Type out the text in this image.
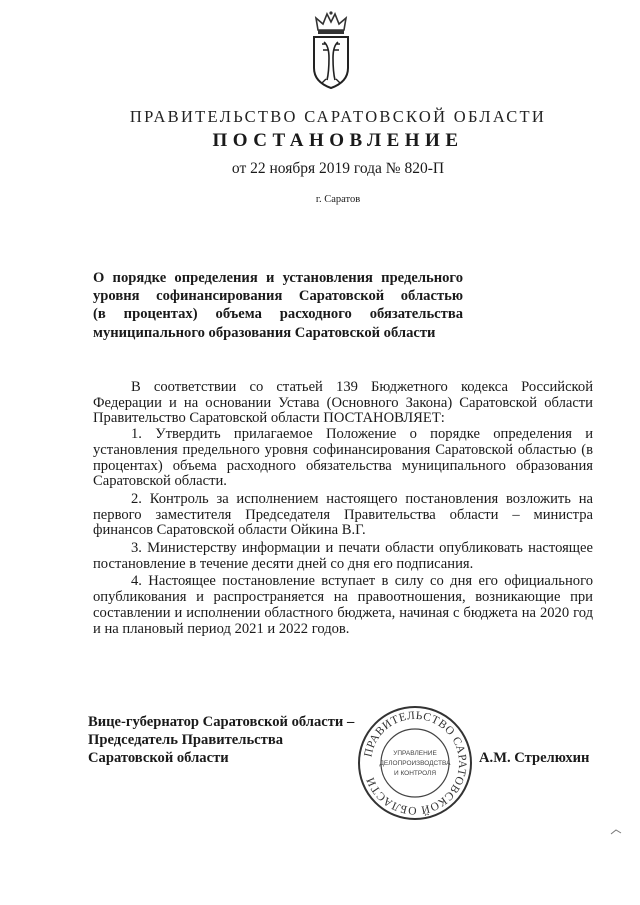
ПРАВИТЕЛЬСТВО САРАТОВСКОЙ ОБЛАСТИ
ПОСТАНОВЛЕНИЕ
от 22 ноября 2019 года № 820-П
г. Саратов
О порядке определения и установления предельного
уровня софинансирования Саратовской областью
(в процентах) объема расходного обязательства
муниципального образования Саратовской области

В соответствии со статьей 139 Бюджетного кодекса Российской Федерации и на основании Устава (Основного Закона) Саратовской области Правительство Саратовской области ПОСТАНОВЛЯЕТ:

1. Утвердить прилагаемое Положение о порядке определения и установления предельного уровня софинансирования Саратовской областью (в процентах) объема расходного обязательства муниципального образования Саратовской области.

2. Контроль за исполнением настоящего постановления возложить на первого заместителя Председателя Правительства области – министра финансов Саратовской области Ойкина В.Г.

3. Министерству информации и печати области опубликовать настоящее постановление в течение десяти дней со дня его подписания.

4. Настоящее постановление вступает в силу со дня его официального опубликования и распространяется на правоотношения, возникающие при составлении и исполнении областного бюджета, начиная с бюджета на 2020 год и на плановый период 2021 и 2022 годов.

Вице-губернатор Саратовской области –
Председатель Правительства
Саратовской области	ПРАВИТЕЛЬСТВО САРАТОВСКОЙ ОБЛАСТИ
УПРАВЛЕНИЕ
ДЕЛОПРОИЗВОДСТВА
И КОНТРОЛЯ
А.М. Стрелюхин
